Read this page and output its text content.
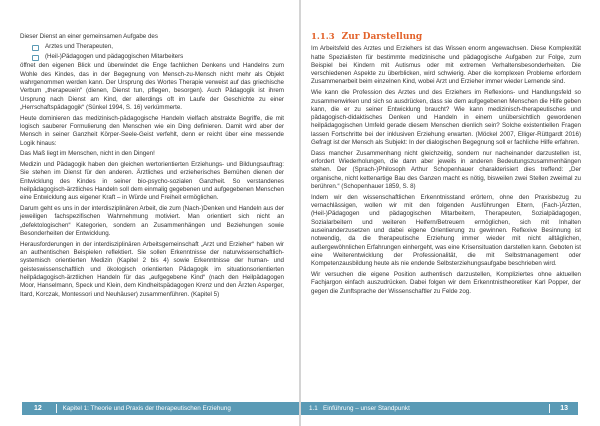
Dieser Dienst an einer gemeinsamen Aufgabe des

Arztes und Therapeuten,
(Heil-)Pädagogen und pädagogischen Mitarbeiters

öffnet den eigenen Blick und überwindet die Enge fachlichen Denkens und Handelns zum Wohle des Kindes, das in der Begegnung von Mensch-zu-Mensch nicht mehr als Objekt wahrgenommen werden kann. Der Ursprung des Wortes Therapie verweist auf das griechische Verbum „therapeuein“ (dienen, Dienst tun, pflegen, besorgen). Auch Pädagogik ist ihrem Ursprung nach Dienst am Kind, der allerdings oft im Laufe der Geschichte zu einer „Herrschaftspädagogik“ (Sünkel 1994, S. 16) verkümmerte.

Heute dominieren das medizinisch-pädagogische Handeln vielfach abstrakte Begriffe, die mit logisch sauberer Formulierung den Menschen wie ein Ding definieren. Damit wird aber der Mensch in seiner Ganzheit Körper-Seele-Geist verfehlt, denn er reicht über eine messende Logik hinaus:

Das Maß liegt im Menschen, nicht in den Dingen!

Medizin und Pädagogik haben den gleichen wertorientierten Erziehungs- und Bildungsauftrag: Sie stehen im Dienst für den anderen. Ärztliches und erzieherisches Bemühen dienen der Entwicklung des Kindes in seiner bio-psycho-sozialen Ganzheit. So verstandenes heilpädagogisch-ärztliches Handeln soll dem einmalig gegebenen und aufgegebenen Menschen eine Entwicklung aus eigener Kraft – in Würde und Freiheit ermöglichen.

Darum geht es uns in der interdisziplinären Arbeit, die zum (Nach-)Denken und Handeln aus der jeweiligen fachspezifischen Wahrnehmung motiviert. Man orientiert sich nicht an „defektologischen“ Kategorien, sondern an Zusammenhängen und Beziehungen sowie Besonderheiten der Entwicklung.

Herausforderungen in der interdisziplinären Arbeitsgemeinschaft „Arzt und Erzieher“ haben wir an authentischen Beispielen reflektiert. Sie sollen Erkenntnisse der naturwissenschaftlich-systemisch orientierten Medizin (Kapitel 2 bis 4) sowie Erkenntnisse der human- und geisteswissenschaftlich und ökologisch orientierten Pädagogik im situationsorientierten heilpädagogisch-ärztlichen Handeln für das „aufgegebene Kind“ (nach den Heilpädagogen Moor, Hanselmann, Speck und Klein, dem Kindheitspädagogen Krenz und den Ärzten Asperger, Itard, Korczak, Montessori und Neuhäuser) zusammenführen. (Kapitel 5)

12	Kapitel 1: Theorie und Praxis der therapeutischen Erziehung
1.1.3 Zur Darstellung

Im Arbeitsfeld des Arztes und Erziehers ist das Wissen enorm angewachsen. Diese Komplexität hatte Spezialisten für bestimmte medizinische und pädagogische Aufgaben zur Folge, zum Beispiel bei Kindern mit Autismus oder mit extremen Verhaltensbesonderheiten. Die verschiedenen Aspekte zu überblicken, wird schwierig. Aber die komplexen Probleme erfordern Zusammenarbeit beim einzelnen Kind, wobei Arzt und Erzieher immer wieder Lernende sind.

Wie kann die Profession des Arztes und des Erziehers im Reflexions- und Handlungsfeld so zusammenwirken und sich so ausdrücken, dass sie dem aufgegebenen Menschen die Hilfe geben kann, die er zu seiner Entwicklung braucht? Wie kann medizinisch-therapeutisches und pädagogisch-didaktisches Denken und Handeln in einem unübersichtlich gewordenen heilpädagogischen Umfeld gerade diesem Menschen dienlich sein? Solche existentiellen Fragen lassen Fortschritte bei der inklusiven Erziehung erwarten. (Möckel 2007, Elliger-Rüttgardt 2016) Gefragt ist der Mensch als Subjekt: In der dialogischen Begegnung soll er fachliche Hilfe erfahren.

Dass mancher Zusammenhang nicht gleichzeitig, sondern nur nacheinander darzustellen ist, erfordert Wiederholungen, die dann aber jeweils in anderen Bedeutungszusammenhängen stehen. Der (Sprach-)Philosoph Arthur Schopenhauer charakterisiert dies treffend: „Der organische, nicht kettenartige Bau des Ganzen macht es nötig, bisweilen zwei Stellen zweimal zu berühren.“ (Schopenhauer 1859, S. 8)

Indem wir den wissenschaftlichen Erkenntnisstand erörtern, ohne den Praxisbezug zu vernachlässigen, wollen wir mit den folgenden Ausführungen Eltern, (Fach-)Ärzten, (Heil-)Pädagogen und pädagogischen Mitarbeitern, Therapeuten, Sozialpädagogen, Sozialarbeitern und weiteren Helfern/Betreuern ermöglichen, sich mit Inhalten auseinanderzusetzen und dabei eigene Orientierung zu gewinnen. Reflexive Besinnung ist notwendig, da die therapeutische Erziehung immer wieder mit nicht alltäglichen, außergewöhnlichen Erfahrungen einhergeht, was eine Krisensituation darstellen kann. Geboten ist eine Weiterentwicklung der Professionalität, die mit Selbstmanagement oder Kompetenzausbildung heute als nie endende Selbsterziehungsaufgabe beschrieben wird.

Wir versuchen die eigene Position authentisch darzustellen, Kompliziertes ohne aktuellen Fachjargon einfach auszudrücken. Dabei folgen wir dem Erkenntnistheoretiker Karl Popper, der gegen die Zunftsprache der Wissenschaftler zu Felde zog.

1.1 Einführung – unser Standpunkt	13
